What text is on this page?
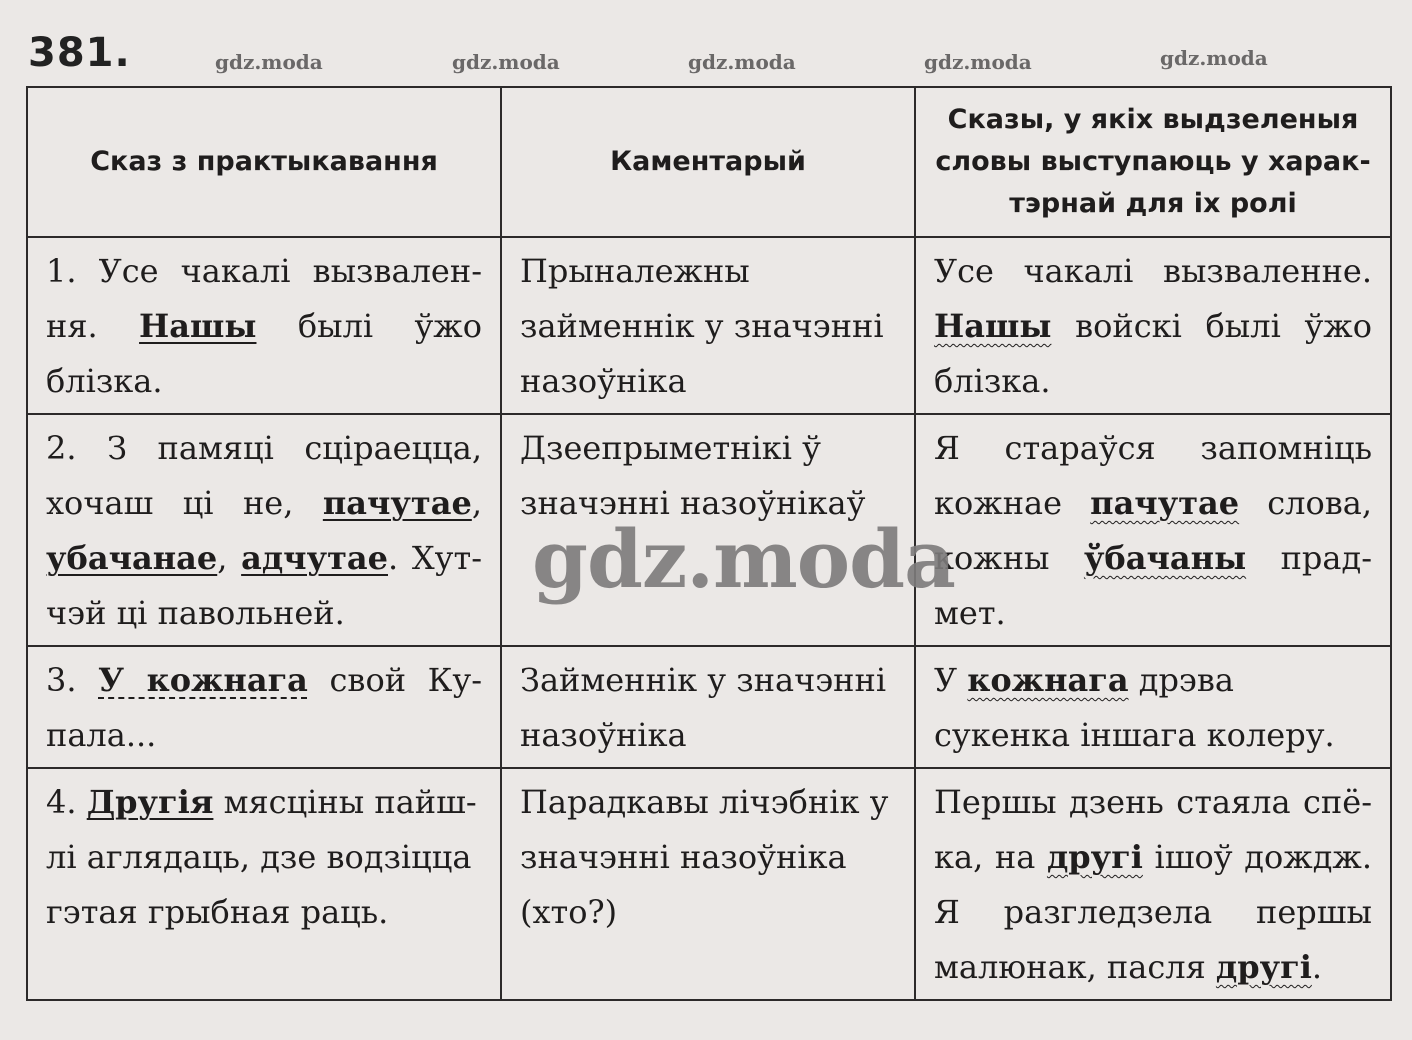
381.	gdz.moda	gdz.moda	gdz.moda	gdz.moda	gdz.moda
Сказ з практыкавання	Каментарый	Сказы, у якіх выдзеленыя словы выступаюць у харак-тэрнай для іх ролі
1. Усе чакалі вызвален-ня. Нашы былі ўжо блізка.	Прыналежны займеннік у значэнні назоўніка	Усе чакалі вызваленне. Нашы войскі былі ўжо блізка.
2. З памяці сціраецца, хочаш ці не, пачутае, убачанае, адчутае. Хут-чэй ці павольней.	Дзеепрыметнікі ў значэнні назоўнікаў	Я стараўся запомніць кожнае пачутае слова, кожны ўбачаны прад-мет.
3. У кожнага свой Ку-пала...	Займеннік у значэнні назоўніка	У кожнага дрэва сукенка іншага колеру.
4. Другія мясціны пайш-лі аглядаць, дзе водзіцца гэтая грыбная раць.	Парадкавы лічэбнік у значэнні назоўніка (хто?)	Першы дзень стаяла спё-ка, на другі ішоў дождж. Я разгледзела першы малюнак, пасля другі.
gdz.moda
